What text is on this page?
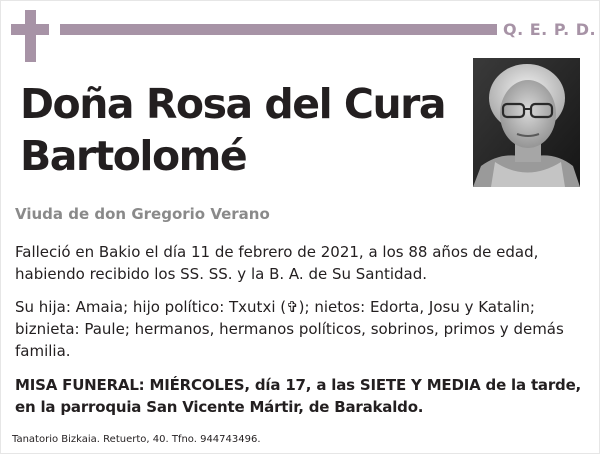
Q. E. P. D.
Doña Rosa del Cura
Bartolomé
Viuda de don Gregorio Verano
Falleció en Bakio el día 11 de febrero de 2021, a los 88 años de edad,
habiendo recibido los SS. SS. y la B. A. de Su Santidad.
Su hija: Amaia; hijo político: Txutxi (✞); nietos: Edorta, Josu y Katalin;
biznieta: Paule; hermanos, hermanos políticos, sobrinos, primos y demás
familia.
MISA FUNERAL: MIÉRCOLES, día 17, a las SIETE Y MEDIA de la tarde,
en la parroquia San Vicente Mártir, de Barakaldo.
Tanatorio Bizkaia. Retuerto, 40. Tfno. 944743496.
